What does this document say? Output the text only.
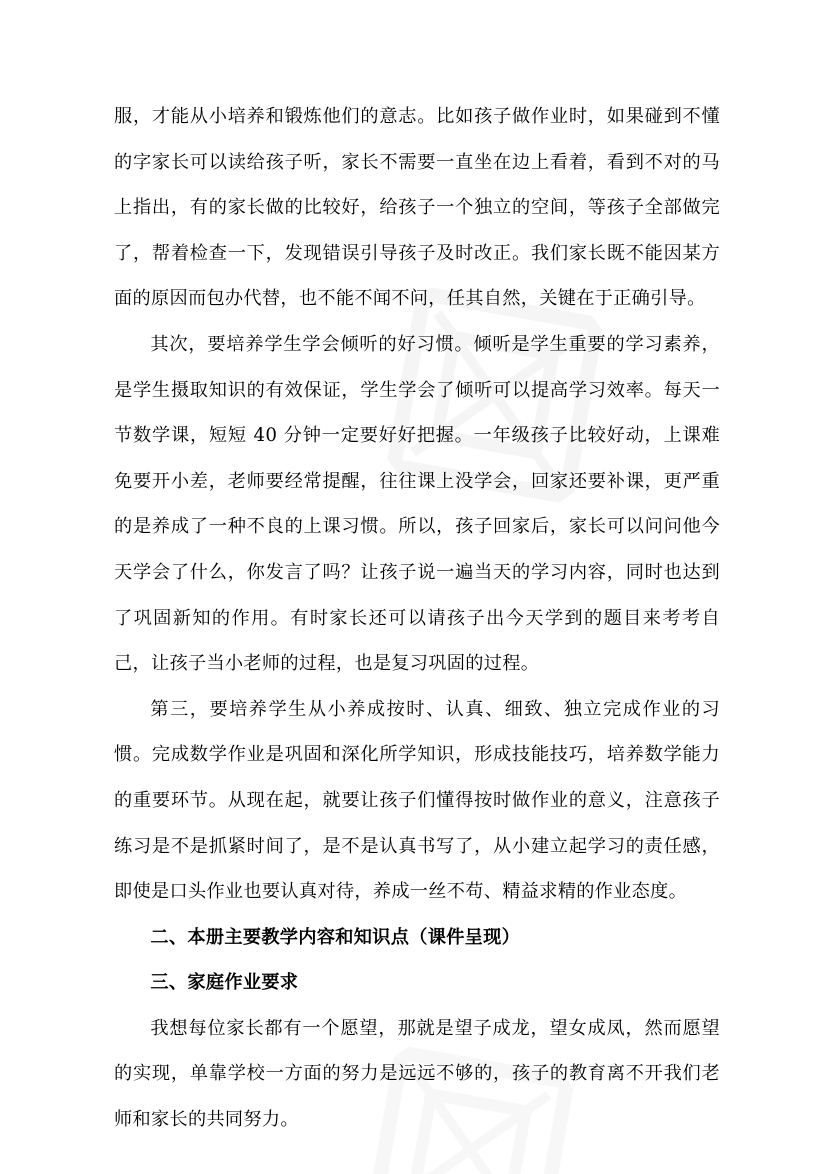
服，才能从小培养和锻炼他们的意志。比如孩子做作业时，如果碰到不懂的字家长可以读给孩子听，家长不需要一直坐在边上看着，看到不对的马上指出，有的家长做的比较好，给孩子一个独立的空间，等孩子全部做完了，帮着检查一下，发现错误引导孩子及时改正。我们家长既不能因某方面的原因而包办代替，也不能不闻不问，任其自然，关键在于正确引导。

其次，要培养学生学会倾听的好习惯。倾听是学生重要的学习素养，是学生摄取知识的有效保证，学生学会了倾听可以提高学习效率。每天一节数学课，短短 40 分钟一定要好好把握。一年级孩子比较好动，上课难免要开小差，老师要经常提醒，往往课上没学会，回家还要补课，更严重的是养成了一种不良的上课习惯。所以，孩子回家后，家长可以问问他今天学会了什么，你发言了吗？让孩子说一遍当天的学习内容，同时也达到了巩固新知的作用。有时家长还可以请孩子出今天学到的题目来考考自己，让孩子当小老师的过程，也是复习巩固的过程。

第三，要培养学生从小养成按时、认真、细致、独立完成作业的习惯。完成数学作业是巩固和深化所学知识，形成技能技巧，培养数学能力的重要环节。从现在起，就要让孩子们懂得按时做作业的意义，注意孩子练习是不是抓紧时间了，是不是认真书写了，从小建立起学习的责任感，即使是口头作业也要认真对待，养成一丝不苟、精益求精的作业态度。

二、本册主要教学内容和知识点（课件呈现）

三、家庭作业要求

我想每位家长都有一个愿望，那就是望子成龙，望女成凤，然而愿望的实现，单靠学校一方面的努力是远远不够的，孩子的教育离不开我们老师和家长的共同努力。
